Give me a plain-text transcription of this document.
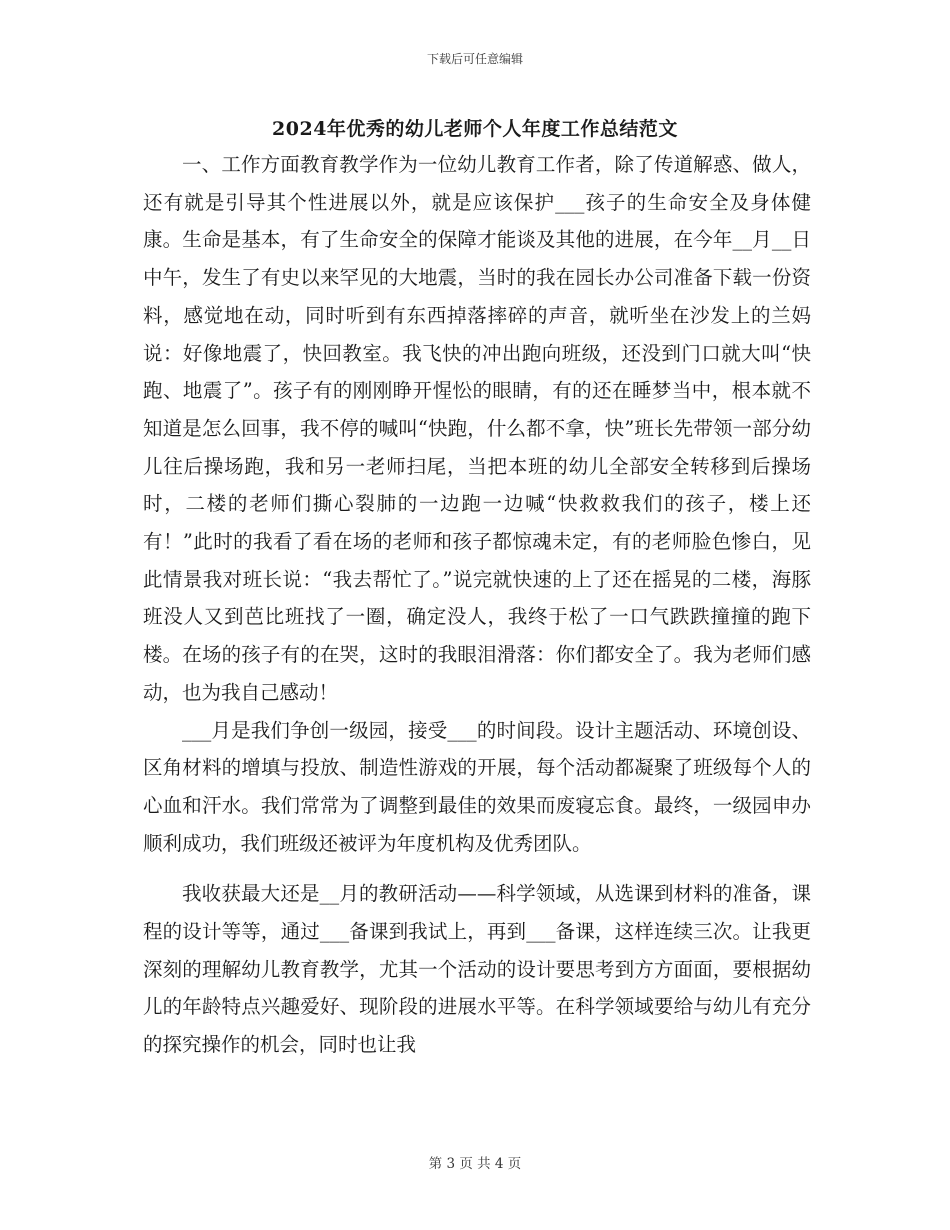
下载后可任意编辑
2024年优秀的幼儿老师个人年度工作总结范文

一、工作方面教育教学作为一位幼儿教育工作者，除了传道解惑、做人，还有就是引导其个性进展以外，就是应该保护___孩子的生命安全及身体健康。生命是基本，有了生命安全的保障才能谈及其他的进展，在今年__月__日中午，发生了有史以来罕见的大地震，当时的我在园长办公司准备下载一份资料，感觉地在动，同时听到有东西掉落摔碎的声音，就听坐在沙发上的兰妈说：好像地震了，快回教室。我飞快的冲出跑向班级，还没到门口就大叫“快跑、地震了”。孩子有的刚刚睁开惺忪的眼睛，有的还在睡梦当中，根本就不知道是怎么回事，我不停的喊叫“快跑，什么都不拿，快”班长先带领一部分幼儿往后操场跑，我和另一老师扫尾，当把本班的幼儿全部安全转移到后操场时，二楼的老师们撕心裂肺的一边跑一边喊“快救救我们的孩子，楼上还有！”此时的我看了看在场的老师和孩子都惊魂未定，有的老师脸色惨白，见此情景我对班长说：“我去帮忙了。”说完就快速的上了还在摇晃的二楼，海豚班没人又到芭比班找了一圈，确定没人，我终于松了一口气跌跌撞撞的跑下楼。在场的孩子有的在哭，这时的我眼泪滑落：你们都安全了。我为老师们感动，也为我自己感动！

___月是我们争创一级园，接受___的时间段。设计主题活动、环境创设、区角材料的增填与投放、制造性游戏的开展，每个活动都凝聚了班级每个人的心血和汗水。我们常常为了调整到最佳的效果而废寝忘食。最终，一级园申办顺利成功，我们班级还被评为年度机构及优秀团队。

我收获最大还是__月的教研活动——科学领域，从选课到材料的准备，课程的设计等等，通过___备课到我试上，再到___备课，这样连续三次。让我更深刻的理解幼儿教育教学，尤其一个活动的设计要思考到方方面面，要根据幼儿的年龄特点兴趣爱好、现阶段的进展水平等。在科学领域要给与幼儿有充分的探究操作的机会，同时也让我

第 3 页 共 4 页
